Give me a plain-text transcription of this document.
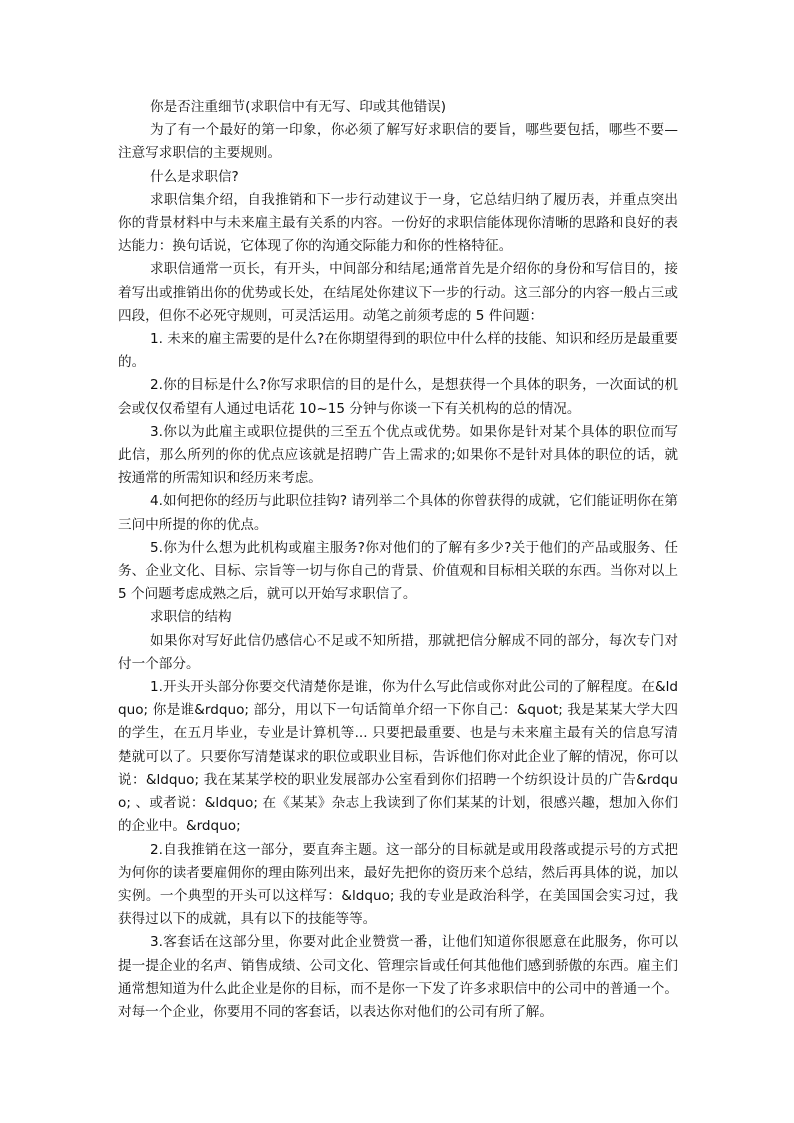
你是否注重细节(求职信中有无写、印或其他错误)

为了有一个最好的第一印象，你必须了解写好求职信的要旨，哪些要包括，哪些不要—注意写求职信的主要规则。

什么是求职信?

求职信集介绍，自我推销和下一步行动建议于一身，它总结归纳了履历表，并重点突出你的背景材料中与未来雇主最有关系的内容。一份好的求职信能体现你清晰的思路和良好的表达能力：换句话说，它体现了你的沟通交际能力和你的性格特征。

求职信通常一页长，有开头，中间部分和结尾;通常首先是介绍你的身份和写信目的，接着写出或推销出你的优势或长处，在结尾处你建议下一步的行动。这三部分的内容一般占三或四段，但你不必死守规则，可灵活运用。动笔之前须考虑的 5 件问题：

1. 未来的雇主需要的是什么?在你期望得到的职位中什么样的技能、知识和经历是最重要的。

2.你的目标是什么?你写求职信的目的是什么，是想获得一个具体的职务，一次面试的机会或仅仅希望有人通过电话花 10~15 分钟与你谈一下有关机构的总的情况。

3.你以为此雇主或职位提供的三至五个优点或优势。如果你是针对某个具体的职位而写此信，那么所列的你的优点应该就是招聘广告上需求的;如果你不是针对具体的职位的话，就按通常的所需知识和经历来考虑。

4.如何把你的经历与此职位挂钩? 请列举二个具体的你曾获得的成就，它们能证明你在第三问中所提的你的优点。

5.你为什么想为此机构或雇主服务?你对他们的了解有多少?关于他们的产品或服务、任务、企业文化、目标、宗旨等一切与你自己的背景、价值观和目标相关联的东西。当你对以上 5 个问题考虑成熟之后，就可以开始写求职信了。

求职信的结构

如果你对写好此信仍感信心不足或不知所措，那就把信分解成不同的部分，每次专门对付一个部分。

1.开头开头部分你要交代清楚你是谁，你为什么写此信或你对此公司的了解程度。在&ldquo; 你是谁&rdquo; 部分，用以下一句话简单介绍一下你自己：&quot; 我是某某大学大四的学生，在五月毕业，专业是计算机等... 只要把最重要、也是与未来雇主最有关的信息写清楚就可以了。只要你写清楚谋求的职位或职业目标，告诉他们你对此企业了解的情况，你可以说：&ldquo; 我在某某学校的职业发展部办公室看到你们招聘一个纺织设计员的广告&rdquo; 、或者说：&ldquo; 在《某某》杂志上我读到了你们某某的计划，很感兴趣，想加入你们的企业中。&rdquo;

2.自我推销在这一部分，要直奔主题。这一部分的目标就是或用段落或提示号的方式把为何你的读者要雇佣你的理由陈列出来，最好先把你的资历来个总结，然后再具体的说，加以实例。一个典型的开头可以这样写：&ldquo; 我的专业是政治科学，在美国国会实习过，我获得过以下的成就，具有以下的技能等等。

3.客套话在这部分里，你要对此企业赞赏一番，让他们知道你很愿意在此服务，你可以提一提企业的名声、销售成绩、公司文化、管理宗旨或任何其他他们感到骄傲的东西。雇主们通常想知道为什么此企业是你的目标，而不是你一下发了许多求职信中的公司中的普通一个。对每一个企业，你要用不同的客套话，以表达你对他们的公司有所了解。
